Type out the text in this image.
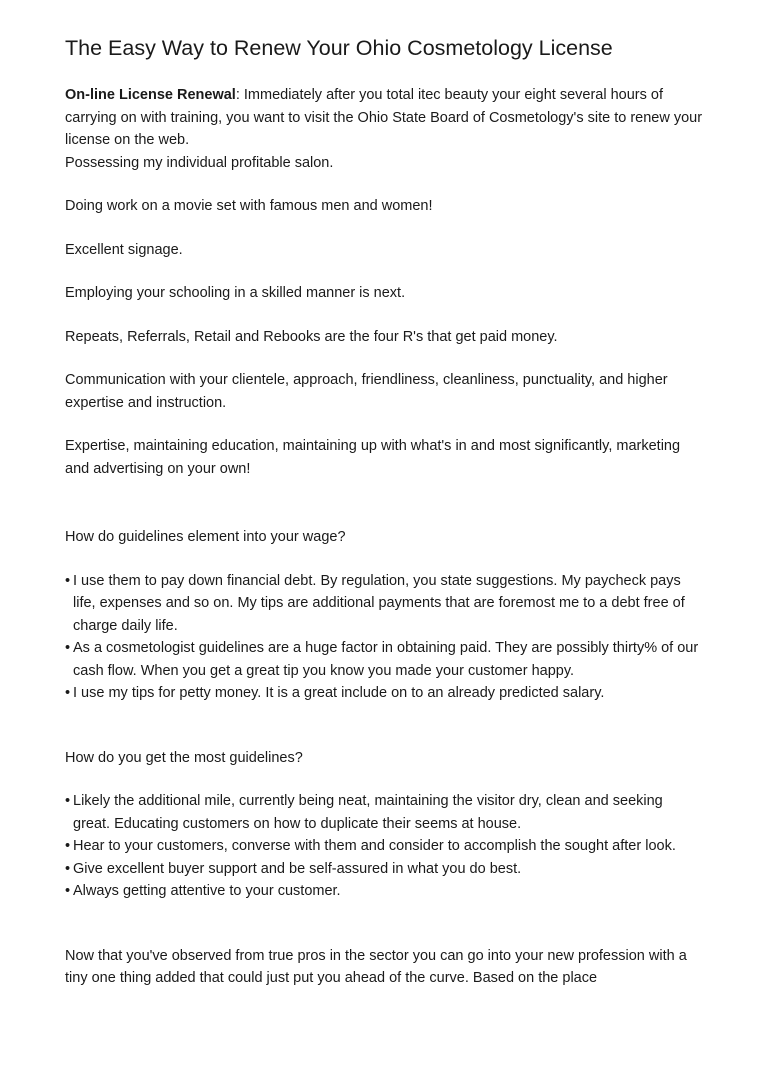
The Easy Way to Renew Your Ohio Cosmetology License

On-line License Renewal: Immediately after you total itec beauty your eight several hours of carrying on with training, you want to visit the Ohio State Board of Cosmetology's site to renew your license on the web.

Possessing my individual profitable salon.

Doing work on a movie set with famous men and women!

Excellent signage.

Employing your schooling in a skilled manner is next.

Repeats, Referrals, Retail and Rebooks are the four R's that get paid money.

Communication with your clientele, approach, friendliness, cleanliness, punctuality, and higher expertise and instruction.

Expertise, maintaining education, maintaining up with what's in and most significantly, marketing and advertising on your own!

How do guidelines element into your wage?

• I use them to pay down financial debt. By regulation, you state suggestions. My paycheck pays life, expenses and so on. My tips are additional payments that are foremost me to a debt free of charge daily life.
• As a cosmetologist guidelines are a huge factor in obtaining paid. They are possibly thirty% of our cash flow. When you get a great tip you know you made your customer happy.
• I use my tips for petty money. It is a great include on to an already predicted salary.

How do you get the most guidelines?

• Likely the additional mile, currently being neat, maintaining the visitor dry, clean and seeking great. Educating customers on how to duplicate their seems at house.
• Hear to your customers, converse with them and consider to accomplish the sought after look.
• Give excellent buyer support and be self-assured in what you do best.
• Always getting attentive to your customer.

Now that you've observed from true pros in the sector you can go into your new profession with a tiny one thing added that could just put you ahead of the curve. Based on the place
